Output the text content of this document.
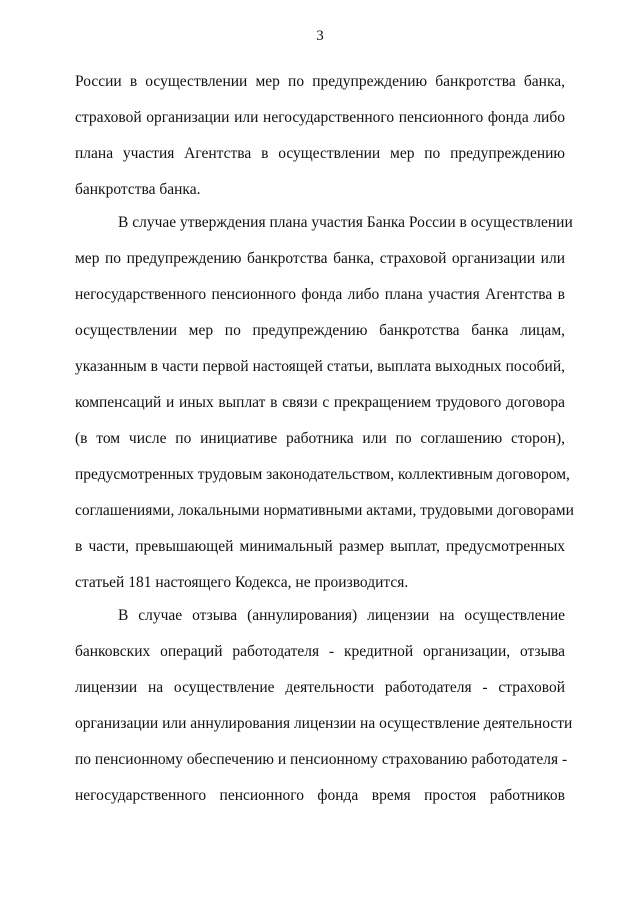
3
России в осуществлении мер по предупреждению банкротства банка,
страховой организации или негосударственного пенсионного фонда либо
плана участия Агентства в осуществлении мер по предупреждению
банкротства банка.
В случае утверждения плана участия Банка России в осуществлении
мер по предупреждению банкротства банка, страховой организации или
негосударственного пенсионного фонда либо плана участия Агентства в
осуществлении мер по предупреждению банкротства банка лицам,
указанным в части первой настоящей статьи, выплата выходных пособий,
компенсаций и иных выплат в связи с прекращением трудового договора
(в том числе по инициативе работника или по соглашению сторон),
предусмотренных трудовым законодательством, коллективным договором,
соглашениями, локальными нормативными актами, трудовыми договорами
в части, превышающей минимальный размер выплат, предусмотренных
статьей 181 настоящего Кодекса, не производится.
В случае отзыва (аннулирования) лицензии на осуществление
банковских операций работодателя - кредитной организации, отзыва
лицензии на осуществление деятельности работодателя - страховой
организации или аннулирования лицензии на осуществление деятельности
по пенсионному обеспечению и пенсионному страхованию работодателя -
негосударственного пенсионного фонда время простоя работников
